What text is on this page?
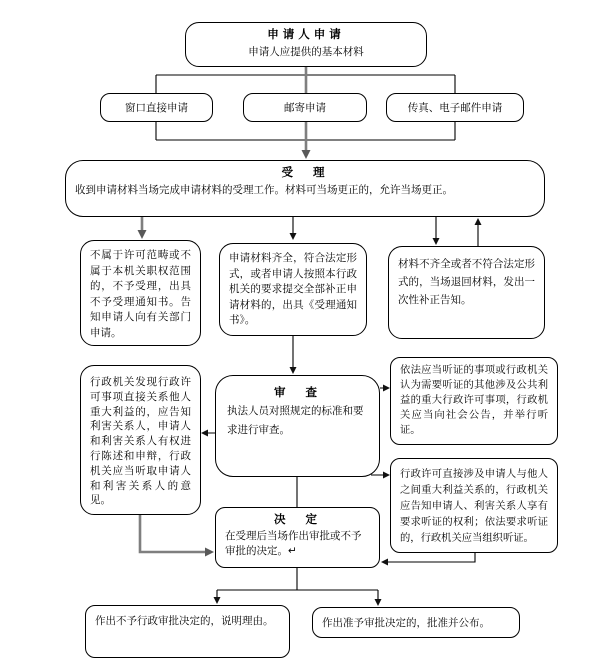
申请人申请
申请人应提供的基本材料
窗口直接申请	邮寄申请	传真、电子邮件申请
受  理
收到申请材料当场完成申请材料的受理工作。材料可当场更正的，允许当场更正。
不属于许可范畴或不属于本机关职权范围的，不予受理，出具不予受理通知书。告知申请人向有关部门申请。
申请材料齐全，符合法定形式，或者申请人按照本行政机关的要求提交全部补正申请材料的，出具《受理通知书》。
材料不齐全或者不符合法定形式的，当场退回材料，发出一次性补正告知。
行政机关发现行政许可事项直接关系他人重大利益的，应告知利害关系人，申请人和利害关系人有权进行陈述和申辩，行政机关应当听取申请人和利害关系人的意见。
审  查
执法人员对照规定的标准和要求进行审查。
依法应当听证的事项或行政机关认为需要听证的其他涉及公共利益的重大行政许可事项，行政机关应当向社会公告，并举行听证。
行政许可直接涉及申请人与他人之间重大利益关系的，行政机关应告知申请人、利害关系人享有要求听证的权利；依法要求听证的，行政机关应当组织听证。
决  定
在受理后当场作出审批或不予审批的决定。↵
作出不予行政审批决定的，说明理由。	作出准予审批决定的，批准并公布。
